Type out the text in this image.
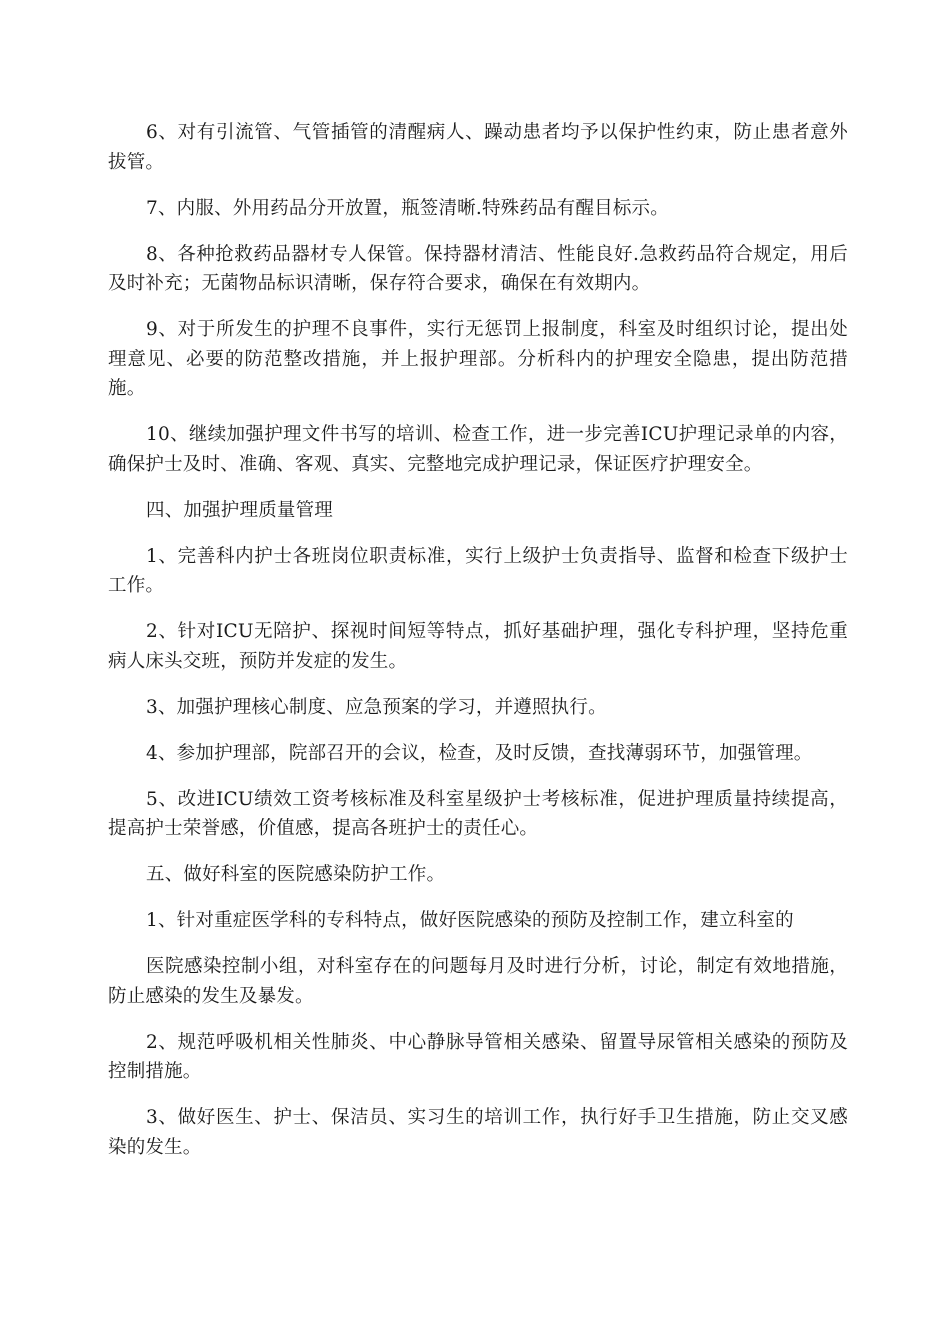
6、对有引流管、气管插管的清醒病人、躁动患者均予以保护性约束，防止患者意外拔管。

7、内服、外用药品分开放置，瓶签清晰.特殊药品有醒目标示。

8、各种抢救药品器材专人保管。保持器材清洁、性能良好.急救药品符合规定，用后及时补充；无菌物品标识清晰，保存符合要求，确保在有效期内。

9、对于所发生的护理不良事件，实行无惩罚上报制度，科室及时组织讨论，提出处理意见、必要的防范整改措施，并上报护理部。分析科内的护理安全隐患，提出防范措施。

10、继续加强护理文件书写的培训、检查工作，进一步完善ICU护理记录单的内容，确保护士及时、准确、客观、真实、完整地完成护理记录，保证医疗护理安全。

四、加强护理质量管理

1、完善科内护士各班岗位职责标准，实行上级护士负责指导、监督和检查下级护士工作。

2、针对ICU无陪护、探视时间短等特点，抓好基础护理，强化专科护理，坚持危重病人床头交班，预防并发症的发生。

3、加强护理核心制度、应急预案的学习，并遵照执行。

4、参加护理部，院部召开的会议，检查，及时反馈，查找薄弱环节，加强管理。

5、改进ICU绩效工资考核标准及科室星级护士考核标准，促进护理质量持续提高，提高护士荣誉感，价值感，提高各班护士的责任心。

五、做好科室的医院感染防护工作。

1、针对重症医学科的专科特点，做好医院感染的预防及控制工作，建立科室的

医院感染控制小组，对科室存在的问题每月及时进行分析，讨论，制定有效地措施，防止感染的发生及暴发。

2、规范呼吸机相关性肺炎、中心静脉导管相关感染、留置导尿管相关感染的预防及控制措施。

3、做好医生、护士、保洁员、实习生的培训工作，执行好手卫生措施，防止交叉感染的发生。
